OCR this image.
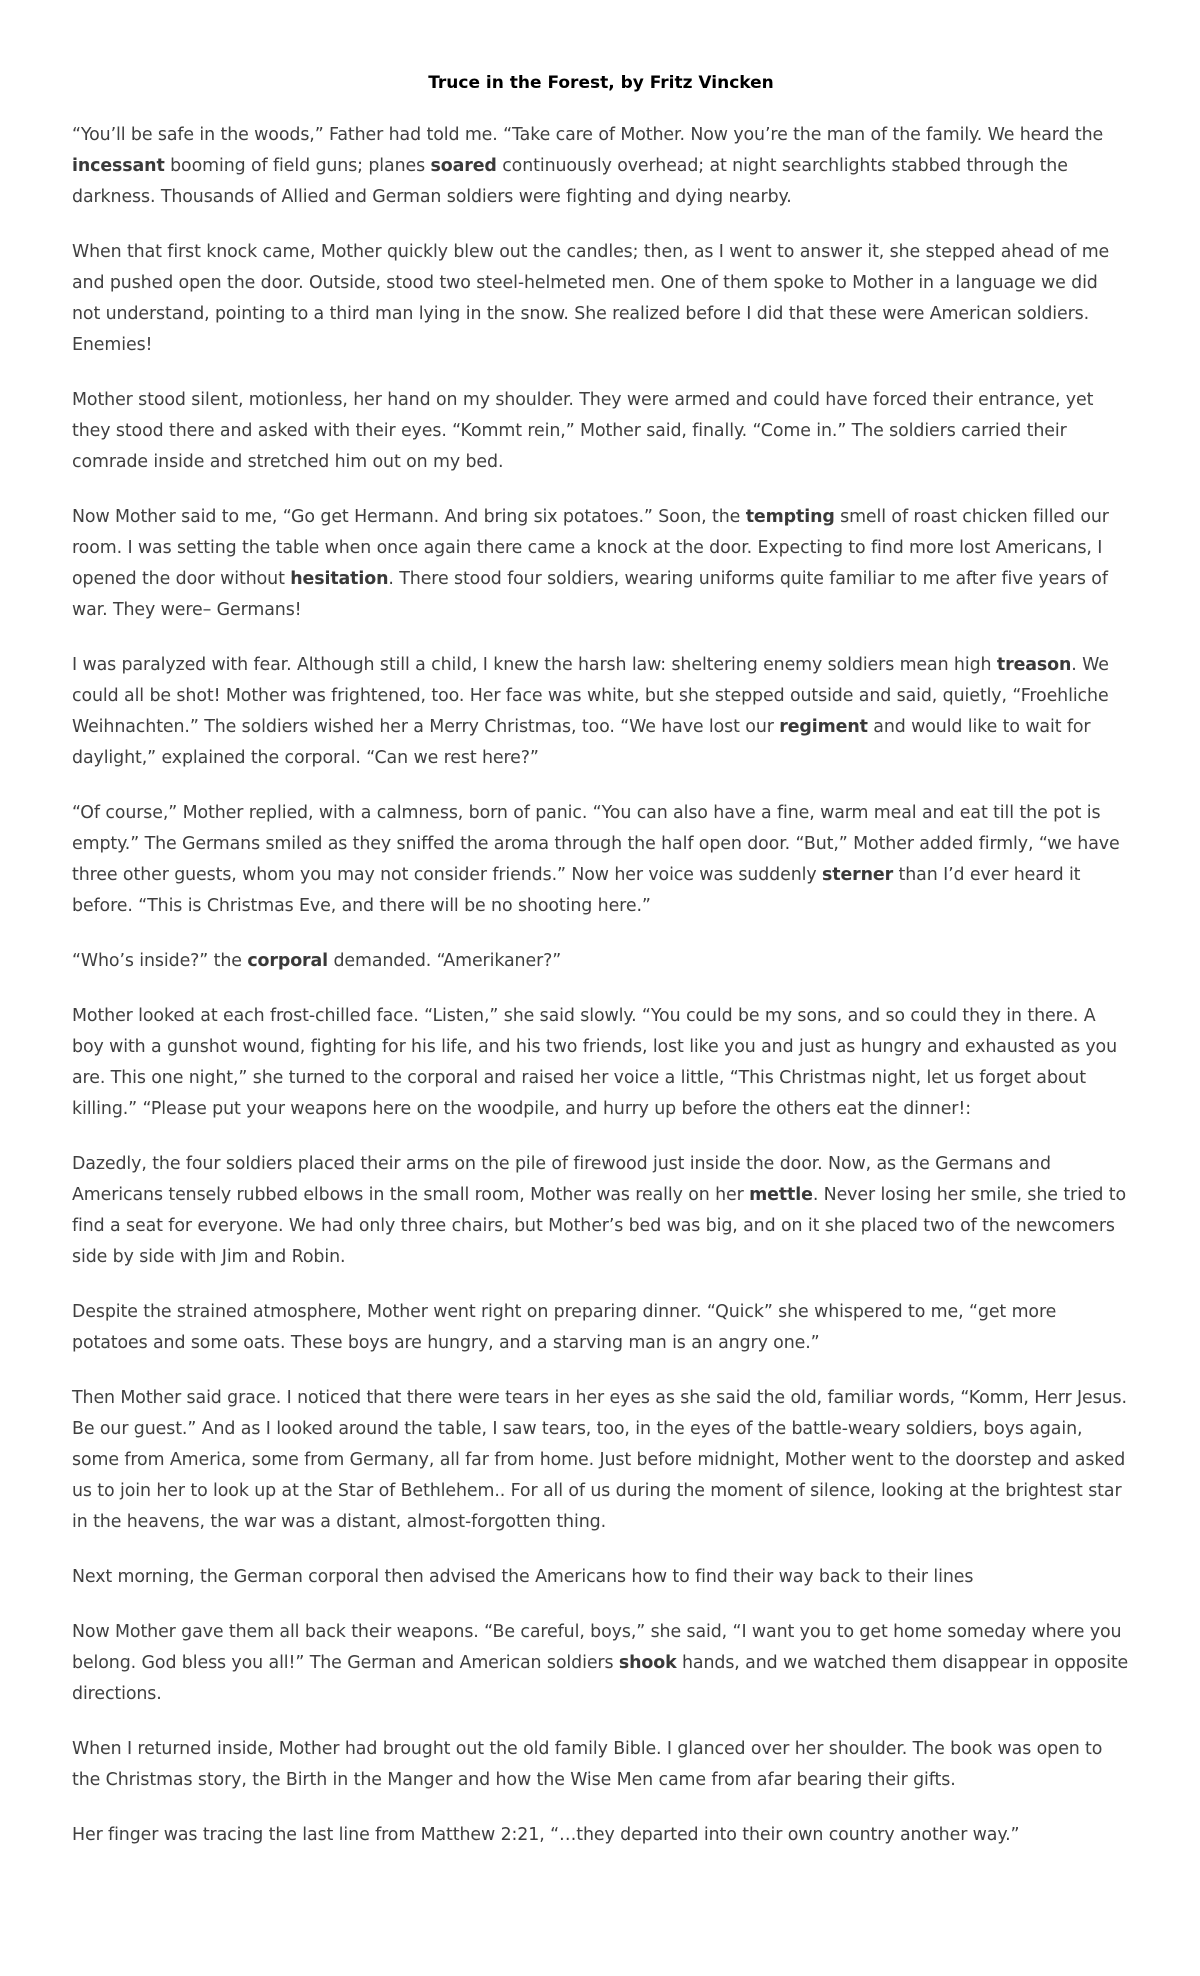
Truce in the Forest, by Fritz Vincken

“You’ll be safe in the woods,” Father had told me. “Take care of Mother. Now you’re the man of the family. We heard the incessant booming of field guns; planes soared continuously overhead; at night searchlights stabbed through the darkness. Thousands of Allied and German soldiers were fighting and dying nearby.

When that first knock came, Mother quickly blew out the candles; then, as I went to answer it, she stepped ahead of me and pushed open the door. Outside, stood two steel-helmeted men. One of them spoke to Mother in a language we did not understand, pointing to a third man lying in the snow. She realized before I did that these were American soldiers. Enemies!

Mother stood silent, motionless, her hand on my shoulder. They were armed and could have forced their entrance, yet they stood there and asked with their eyes. “Kommt rein,” Mother said, finally. “Come in.” The soldiers carried their comrade inside and stretched him out on my bed.

Now Mother said to me, “Go get Hermann. And bring six potatoes.” Soon, the tempting smell of roast chicken filled our room. I was setting the table when once again there came a knock at the door. Expecting to find more lost Americans, I opened the door without hesitation. There stood four soldiers, wearing uniforms quite familiar to me after five years of war. They were– Germans!

I was paralyzed with fear. Although still a child, I knew the harsh law: sheltering enemy soldiers mean high treason. We could all be shot! Mother was frightened, too. Her face was white, but she stepped outside and said, quietly, “Froehliche Weihnachten.” The soldiers wished her a Merry Christmas, too. “We have lost our regiment and would like to wait for daylight,” explained the corporal. “Can we rest here?”

“Of course,” Mother replied, with a calmness, born of panic. “You can also have a fine, warm meal and eat till the pot is empty.” The Germans smiled as they sniffed the aroma through the half open door. “But,” Mother added firmly, “we have three other guests, whom you may not consider friends.” Now her voice was suddenly sterner than I’d ever heard it before. “This is Christmas Eve, and there will be no shooting here.”

“Who’s inside?” the corporal demanded. “Amerikaner?”

Mother looked at each frost-chilled face. “Listen,” she said slowly. “You could be my sons, and so could they in there. A boy with a gunshot wound, fighting for his life, and his two friends, lost like you and just as hungry and exhausted as you are. This one night,” she turned to the corporal and raised her voice a little, “This Christmas night, let us forget about killing.” “Please put your weapons here on the woodpile, and hurry up before the others eat the dinner!:

Dazedly, the four soldiers placed their arms on the pile of firewood just inside the door. Now, as the Germans and Americans tensely rubbed elbows in the small room, Mother was really on her mettle. Never losing her smile, she tried to find a seat for everyone. We had only three chairs, but Mother’s bed was big, and on it she placed two of the newcomers side by side with Jim and Robin.

Despite the strained atmosphere, Mother went right on preparing dinner. “Quick” she whispered to me, “get more potatoes and some oats. These boys are hungry, and a starving man is an angry one.”

Then Mother said grace. I noticed that there were tears in her eyes as she said the old, familiar words, “Komm, Herr Jesus. Be our guest.” And as I looked around the table, I saw tears, too, in the eyes of the battle-weary soldiers, boys again, some from America, some from Germany, all far from home. Just before midnight, Mother went to the doorstep and asked us to join her to look up at the Star of Bethlehem.. For all of us during the moment of silence, looking at the brightest star in the heavens, the war was a distant, almost-forgotten thing.

Next morning, the German corporal then advised the Americans how to find their way back to their lines

Now Mother gave them all back their weapons. “Be careful, boys,” she said, “I want you to get home someday where you belong. God bless you all!” The German and American soldiers shook hands, and we watched them disappear in opposite directions.

When I returned inside, Mother had brought out the old family Bible. I glanced over her shoulder. The book was open to the Christmas story, the Birth in the Manger and how the Wise Men came from afar bearing their gifts.

Her finger was tracing the last line from Matthew 2:21, “…they departed into their own country another way.”
